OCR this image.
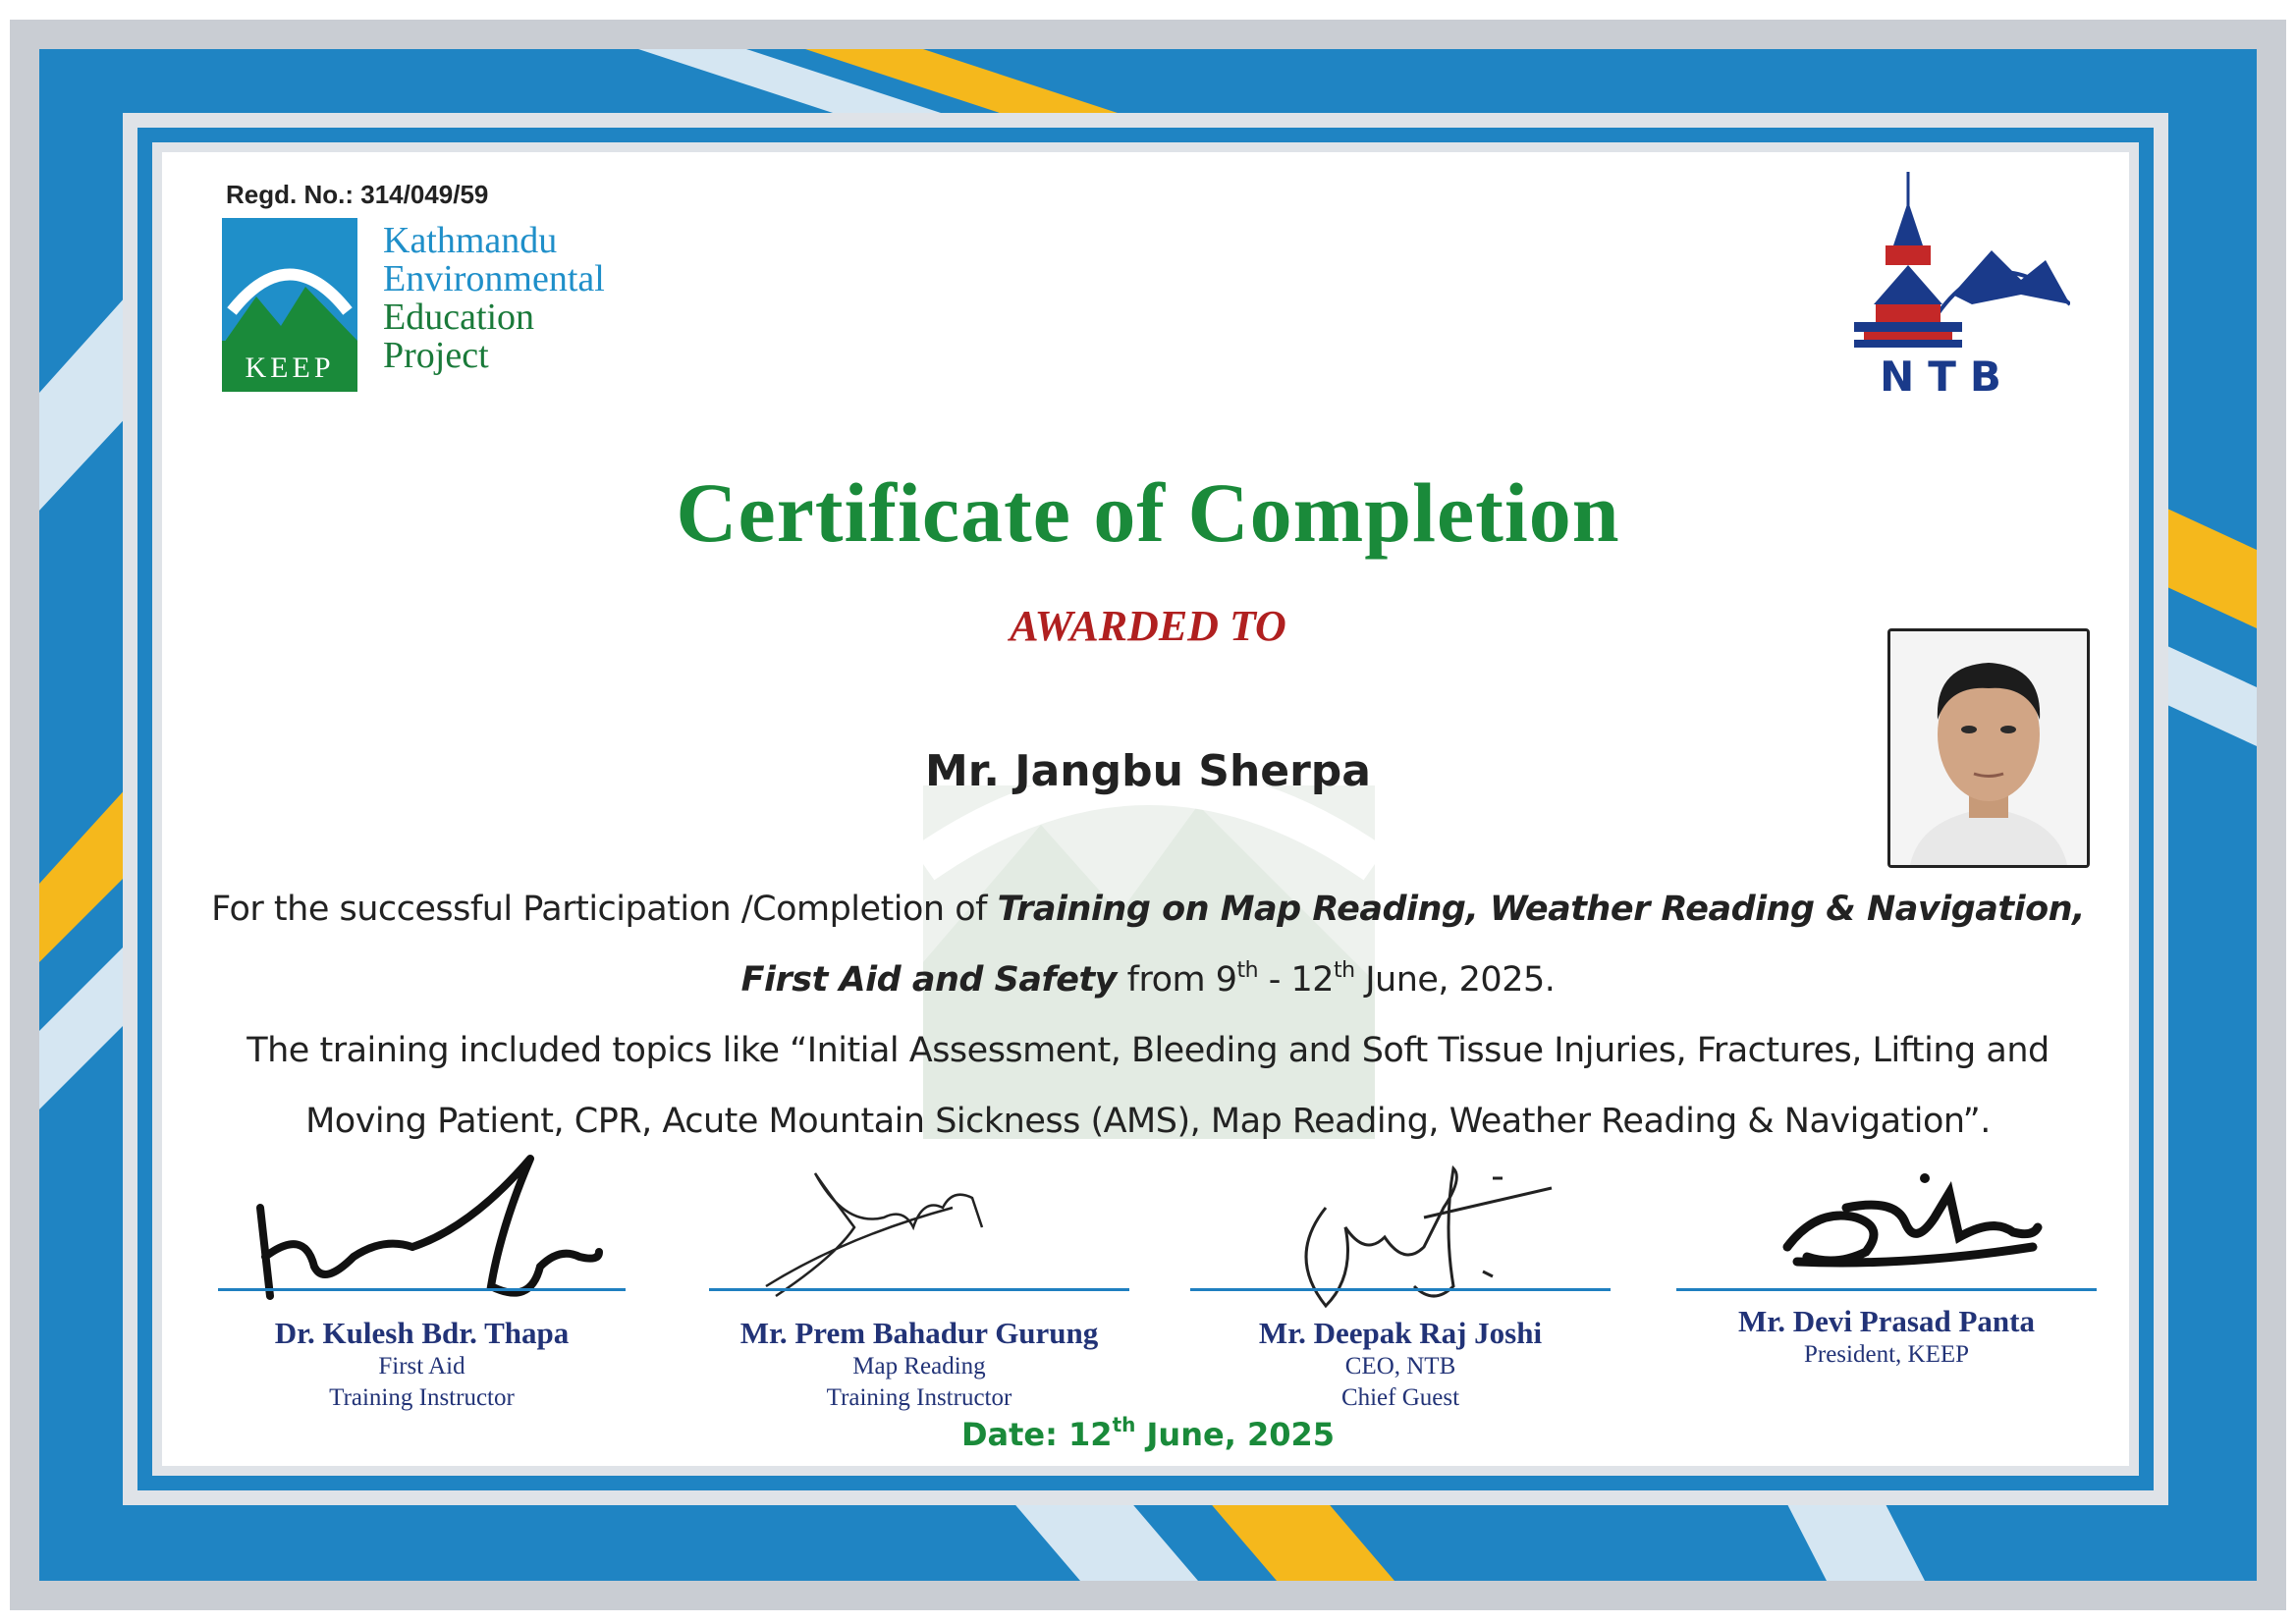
Regd. No.: 314/049/59
KEEP
Kathmandu
Environmental
Education
Project	NTB
Certificate of Completion
AWARDED TO
Mr. Jangbu Sherpa
For the successful Participation /Completion of Training on Map Reading, Weather Reading & Navigation,
First Aid and Safety from 9th - 12th June, 2025.
The training included topics like “Initial Assessment, Bleeding and Soft Tissue Injuries, Fractures, Lifting and
Moving Patient, CPR, Acute Mountain Sickness (AMS), Map Reading, Weather Reading & Navigation”.
Dr. Kulesh Bdr. Thapa
First Aid
Training Instructor
Mr. Prem Bahadur Gurung
Map Reading
Training Instructor
Mr. Deepak Raj Joshi
CEO, NTB
Chief Guest
Mr. Devi Prasad Panta
President, KEEP
Date: 12th June, 2025
